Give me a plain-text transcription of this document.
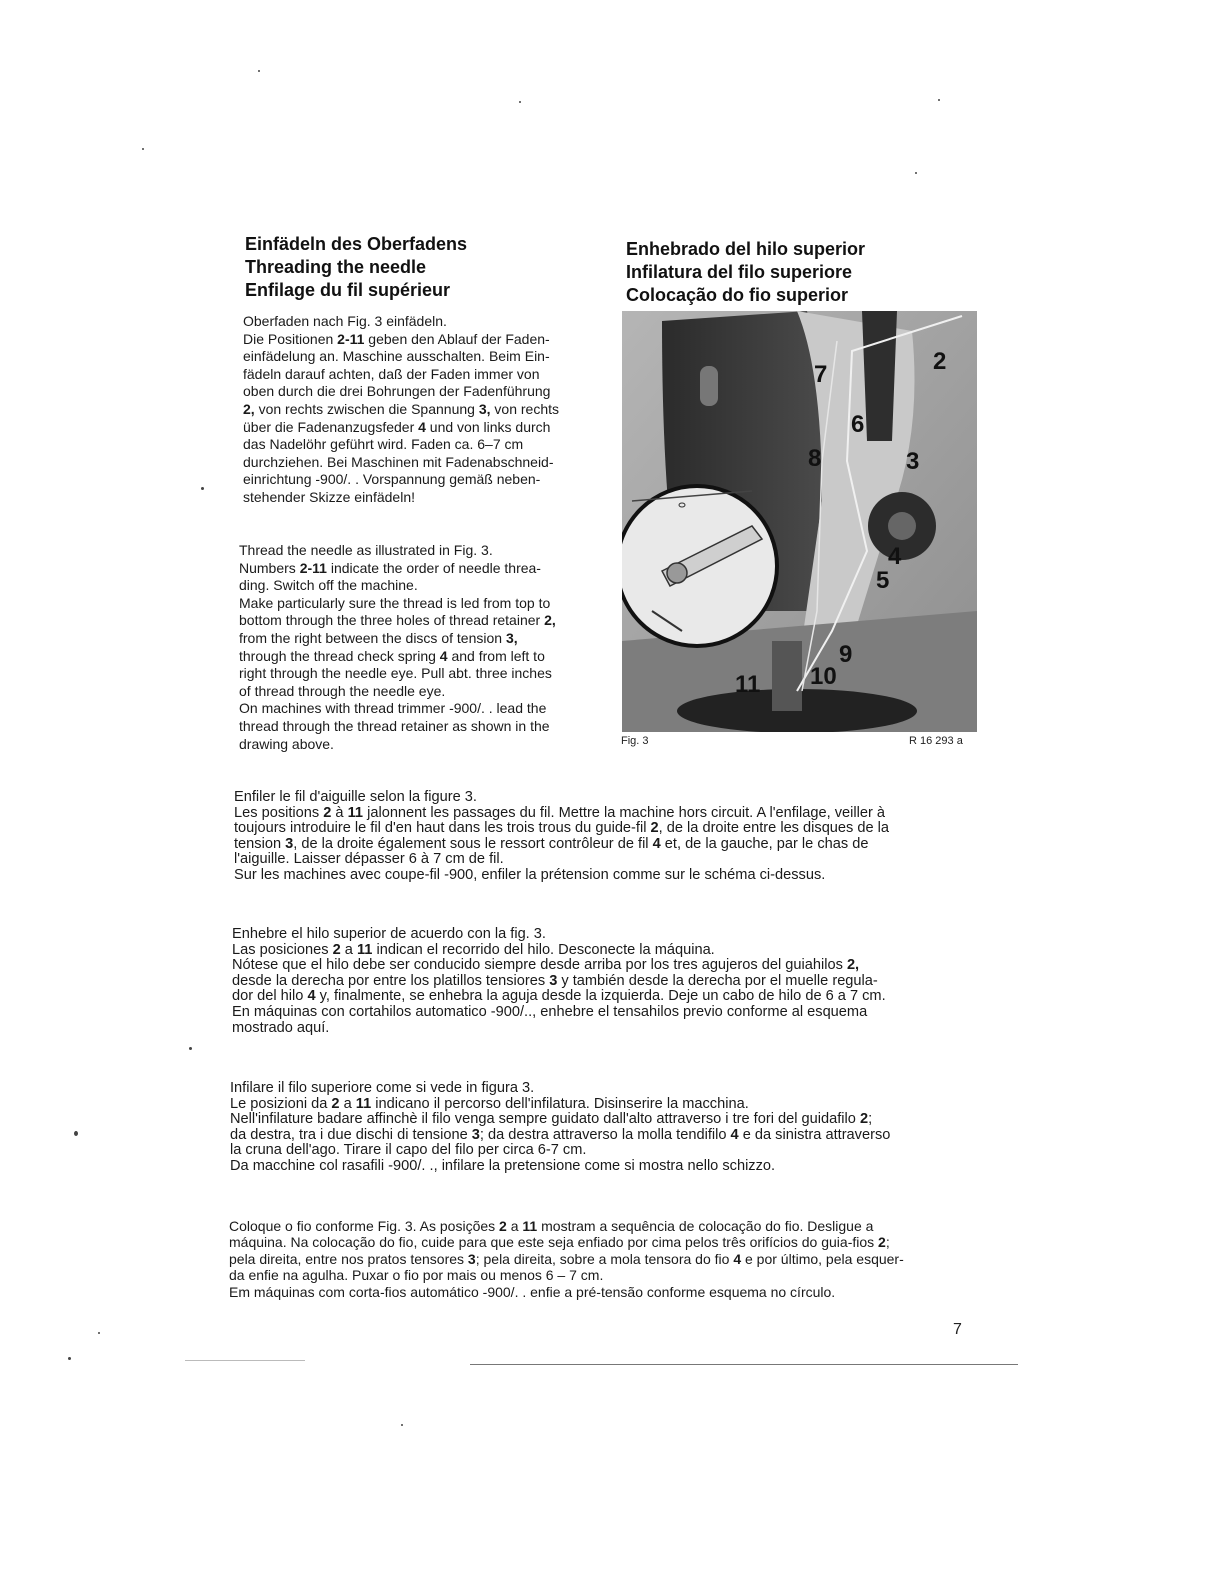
Einfädeln des Oberfadens
Threading the needle
Enfilage du fil supérieur
Enhebrado del hilo superior
Infilatura del filo superiore
Colocação do fio superior

Oberfaden nach Fig. 3 einfädeln.

Die Positionen 2-11 geben den Ablauf der Faden-

einfädelung an. Maschine ausschalten. Beim Ein-

fädeln darauf achten, daß der Faden immer von

oben durch die drei Bohrungen der Fadenführung

2, von rechts zwischen die Spannung 3, von rechts

über die Fadenanzugsfeder 4 und von links durch

das Nadelöhr geführt wird. Faden ca. 6–7 cm

durchziehen. Bei Maschinen mit Fadenabschneid-

einrichtung -900/. . Vorspannung gemäß neben-

stehender Skizze einfädeln!

Thread the needle as illustrated in Fig. 3.

Numbers 2-11 indicate the order of needle threa-

ding. Switch off the machine.

Make particularly sure the thread is led from top to

bottom through the three holes of thread retainer 2,

from the right between the discs of tension 3,

through the thread check spring 4 and from left to

right through the needle eye. Pull abt. three inches

of thread through the needle eye.

On machines with thread trimmer -900/. . lead the

thread through the thread retainer as shown in the

drawing above.

2
3
4
5
6
7
8
9
10
11
Fig. 3	R 16 293 a

Enfiler le fil d'aiguille selon la figure 3.

Les positions 2 à 11 jalonnent les passages du fil. Mettre la machine hors circuit. A l'enfilage, veiller à

toujours introduire le fil d'en haut dans les trois trous du guide-fil 2, de la droite entre les disques de la

tension 3, de la droite également sous le ressort contrôleur de fil 4 et, de la gauche, par le chas de

l'aiguille. Laisser dépasser 6 à 7 cm de fil.

Sur les machines avec coupe-fil -900, enfiler la prétension comme sur le schéma ci-dessus.

Enhebre el hilo superior de acuerdo con la fig. 3.

Las posiciones 2 a 11 indican el recorrido del hilo. Desconecte la máquina.

Nótese que el hilo debe ser conducido siempre desde arriba por los tres agujeros del guiahilos 2,

desde la derecha por entre los platillos tensiores 3 y también desde la derecha por el muelle regula-

dor del hilo 4 y, finalmente, se enhebra la aguja desde la izquierda. Deje un cabo de hilo de 6 a 7 cm.

En máquinas con cortahilos automatico -900/.., enhebre el tensahilos previo conforme al esquema

mostrado aquí.

Infilare il filo superiore come si vede in figura 3.

Le posizioni da 2 a 11 indicano il percorso dell'infilatura. Disinserire la macchina.

Nell'infilature badare affinchè il filo venga sempre guidato dall'alto attraverso i tre fori del guidafilo 2;

da destra, tra i due dischi di tensione 3; da destra attraverso la molla tendifilo 4 e da sinistra attraverso

la cruna dell'ago. Tirare il capo del filo per circa 6-7 cm.

Da macchine col rasafili -900/. ., infilare la pretensione come si mostra nello schizzo.

Coloque o fio conforme Fig. 3. As posições 2 a 11 mostram a sequência de colocação do fio. Desligue a

máquina. Na colocação do fio, cuide para que este seja enfiado por cima pelos três orifícios do guia-fios 2;

pela direita, entre nos pratos tensores 3; pela direita, sobre a mola tensora do fio 4 e por último, pela esquer-

da enfie na agulha. Puxar o fio por mais ou menos 6 – 7 cm.

Em máquinas com corta-fios automático -900/. . enfie a pré-tensão conforme esquema no círculo.

7
